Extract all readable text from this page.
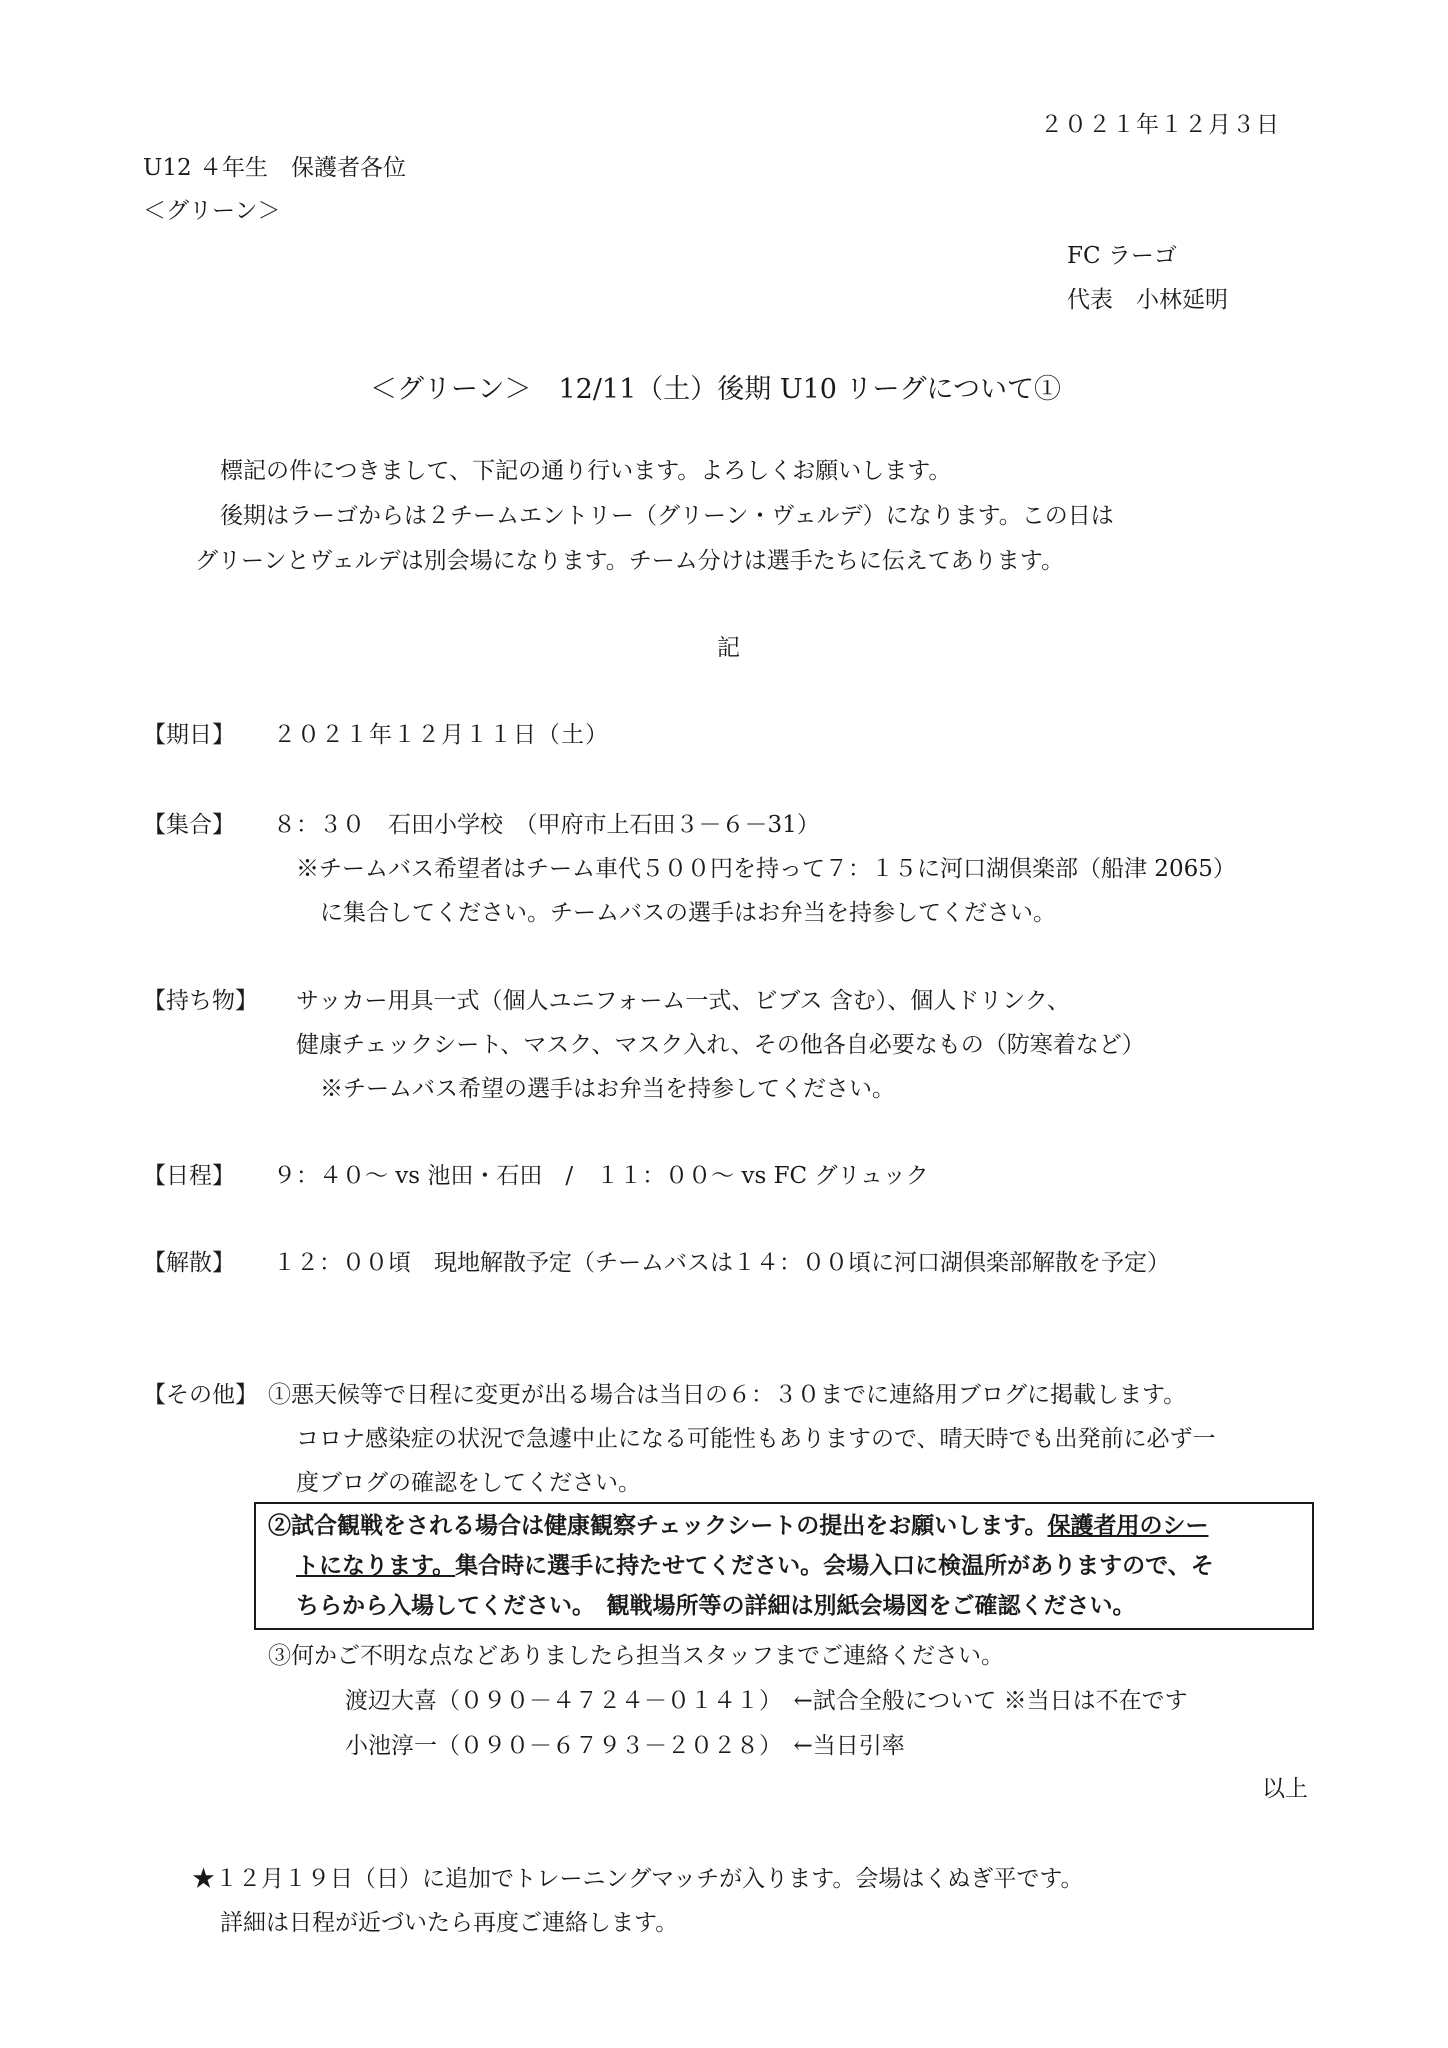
２０２１年１２月３日
U12 ４年生　保護者各位
＜グリーン＞
FC ラーゴ
代表　小林延明
＜グリーン＞　12/11（土）後期 U10 リーグについて①
標記の件につきまして、下記の通り行います。よろしくお願いします。
後期はラーゴからは２チームエントリー（グリーン・ヴェルデ）になります。この日は
グリーンとヴェルデは別会場になります。チーム分けは選手たちに伝えてあります。
記
【期日】 ２０２１年１２月１１日（土）
【集合】 ８：３０　石田小学校　（甲府市上石田３－６－31）
※チームバス希望者はチーム車代５００円を持って７：１５に河口湖倶楽部（船津 2065）
に集合してください。チームバスの選手はお弁当を持参してください。
【持ち物】 サッカー用具一式（個人ユニフォーム一式、ビブス 含む）、個人ドリンク、
健康チェックシート、マスク、マスク入れ、その他各自必要なもの（防寒着など）
※チームバス希望の選手はお弁当を持参してください。
【日程】 ９：４０～ vs 池田・石田　/　１１：００～ vs FC グリュック
【解散】 １２：００頃　現地解散予定（チームバスは１４：００頃に河口湖倶楽部解散を予定）
【その他】 ①悪天候等で日程に変更が出る場合は当日の６：３０までに連絡用ブログに掲載します。
コロナ感染症の状況で急遽中止になる可能性もありますので、晴天時でも出発前に必ず一
度ブログの確認をしてください。
②試合観戦をされる場合は健康観察チェックシートの提出をお願いします。保護者用のシー
トになります。集合時に選手に持たせてください。会場入口に検温所がありますので、そ
ちらから入場してください。　観戦場所等の詳細は別紙会場図をご確認ください。
③何かご不明な点などありましたら担当スタッフまでご連絡ください。
渡辺大喜（０９０－４７２４－０１４１）　←試合全般について ※当日は不在です
小池淳一（０９０－６７９３－２０２８）　←当日引率
以上
★１２月１９日（日）に追加でトレーニングマッチが入ります。会場はくぬぎ平です。
詳細は日程が近づいたら再度ご連絡します。
